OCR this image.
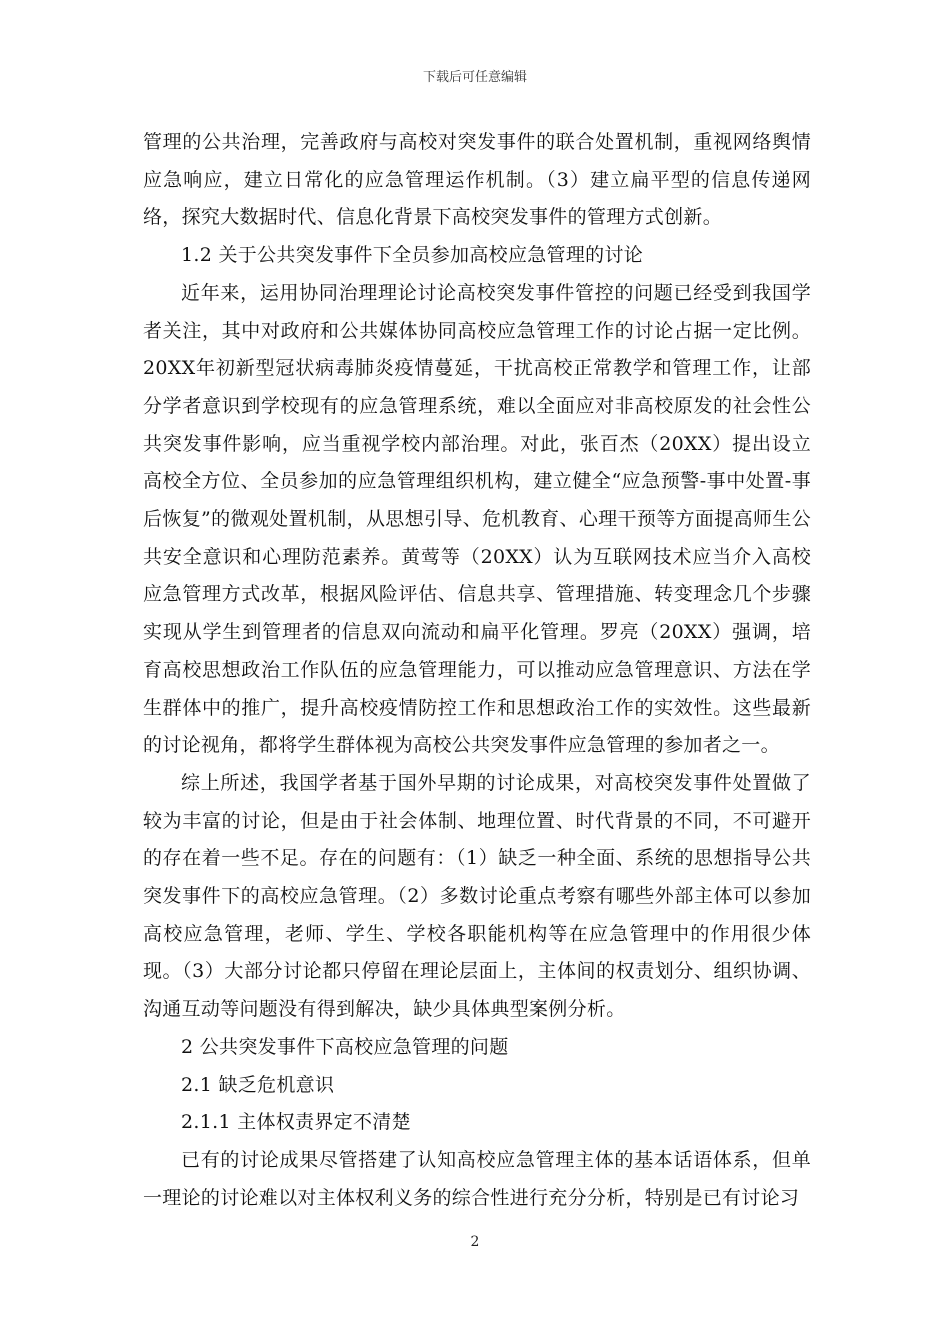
下载后可任意编辑

管理的公共治理，完善政府与高校对突发事件的联合处置机制，重视网络舆情应急响应，建立日常化的应急管理运作机制。（3）建立扁平型的信息传递网络，探究大数据时代、信息化背景下高校突发事件的管理方式创新。

1.2 关于公共突发事件下全员参加高校应急管理的讨论

近年来，运用协同治理理论讨论高校突发事件管控的问题已经受到我国学者关注，其中对政府和公共媒体协同高校应急管理工作的讨论占据一定比例。20XX年初新型冠状病毒肺炎疫情蔓延，干扰高校正常教学和管理工作，让部分学者意识到学校现有的应急管理系统，难以全面应对非高校原发的社会性公共突发事件影响，应当重视学校内部治理。对此，张百杰（20XX）提出设立高校全方位、全员参加的应急管理组织机构，建立健全“应急预警-事中处置-事后恢复”的微观处置机制，从思想引导、危机教育、心理干预等方面提高师生公共安全意识和心理防范素养。黄莺等（20XX）认为互联网技术应当介入高校应急管理方式改革，根据风险评估、信息共享、管理措施、转变理念几个步骤实现从学生到管理者的信息双向流动和扁平化管理。罗亮（20XX）强调，培育高校思想政治工作队伍的应急管理能力，可以推动应急管理意识、方法在学生群体中的推广，提升高校疫情防控工作和思想政治工作的实效性。这些最新的讨论视角，都将学生群体视为高校公共突发事件应急管理的参加者之一。

综上所述，我国学者基于国外早期的讨论成果，对高校突发事件处置做了较为丰富的讨论，但是由于社会体制、地理位置、时代背景的不同，不可避开的存在着一些不足。存在的问题有：（1）缺乏一种全面、系统的思想指导公共突发事件下的高校应急管理。（2）多数讨论重点考察有哪些外部主体可以参加高校应急管理，老师、学生、学校各职能机构等在应急管理中的作用很少体现。（3）大部分讨论都只停留在理论层面上，主体间的权责划分、组织协调、沟通互动等问题没有得到解决，缺少具体典型案例分析。

2 公共突发事件下高校应急管理的问题

2.1 缺乏危机意识

2.1.1 主体权责界定不清楚

已有的讨论成果尽管搭建了认知高校应急管理主体的基本话语体系，但单一理论的讨论难以对主体权利义务的综合性进行充分分析，特别是已有讨论习

2
